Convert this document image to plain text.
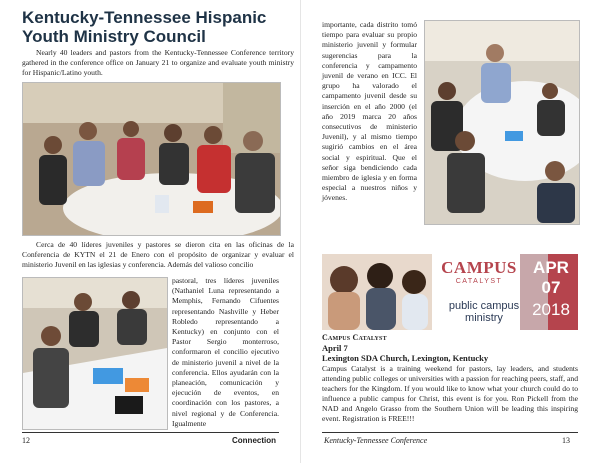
Kentucky-Tennessee Hispanic Youth Ministry Council

Nearly 40 leaders and pastors from the Kentucky-Tennessee Conference territory gathered in the conference office on January 21 to organize and evaluate youth ministry for Hispanic/Latino youth.

Cerca de 40 líderes juveniles y pastores se dieron cita en las oficinas de la Conferencia de KYTN el 21 de Enero con el propósito de organizar y evaluar el ministerio Juvenil en las iglesias y conferencia. Además del valioso concilio

pastoral, tres líderes juveniles (Nathaniel Luna representando a Memphis, Fernando Cifuentes representando Nashville y Heber Robledo representando a Kentucky) en conjunto con el Pastor Sergio monterroso, conformaron el concilio ejecutivo de ministerio juvenil a nivel de la conferencia. Ellos ayudarán con la planeación, comunicación y ejecución de eventos, en coordinación con los pastores, a nivel regional y de Conferencia. Igualmente

12	Connection

importante, cada distrito tomó tiempo para evaluar su propio ministerio juvenil y formular sugerencias para la conferencia y campamento juvenil de verano en ICC. El grupo ha valorado el campamento juvenil desde su inserción en el año 2000 (el año 2019 marca 20 años consecutivos de ministerio Juvenil), y al mismo tiempo sugirió cambios en el área social y espiritual. Que el señor siga bendiciendo cada miembro de iglesia y en forma especial a nuestros niños y jóvenes.

CAMPUS
CATALYST
public campus
ministry
APR
07
2018
Campus Catalyst
April 7
Lexington SDA Church, Lexington, Kentucky
Campus Catalyst is a training weekend for pastors, lay leaders, and students attending public colleges or universities with a passion for reaching peers, staff, and teachers for the Kingdom. If you would like to know what your church could do to influence a public campus for Christ, this event is for you. Ron Pickell from the NAD and Angelo Grasso from the Southern Union will be leading this inspiring event. Registration is FREE!!!
Kentucky-Tennessee Conference	13
